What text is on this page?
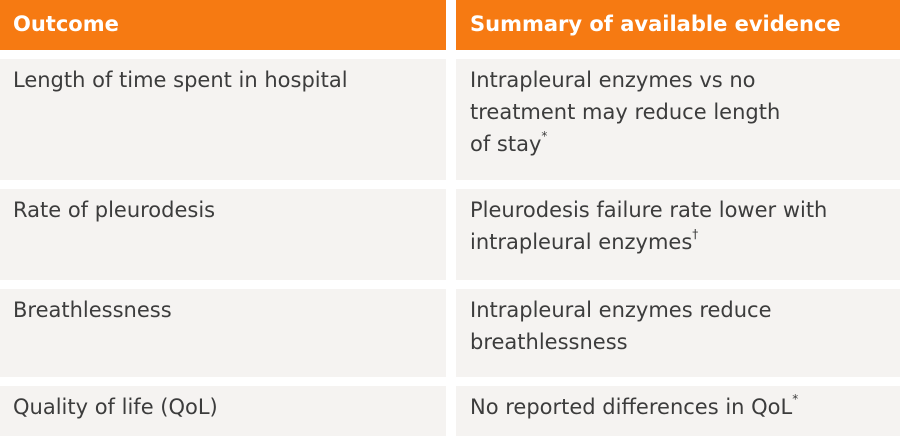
Outcome	Summary of available evidence
Length of time spent in hospital	Intrapleural enzymes vs no
treatment may reduce length
of stay*
Rate of pleurodesis	Pleurodesis failure rate lower with
intrapleural enzymes†
Breathlessness	Intrapleural enzymes reduce
breathlessness
Quality of life (QoL)	No reported differences in QoL*
